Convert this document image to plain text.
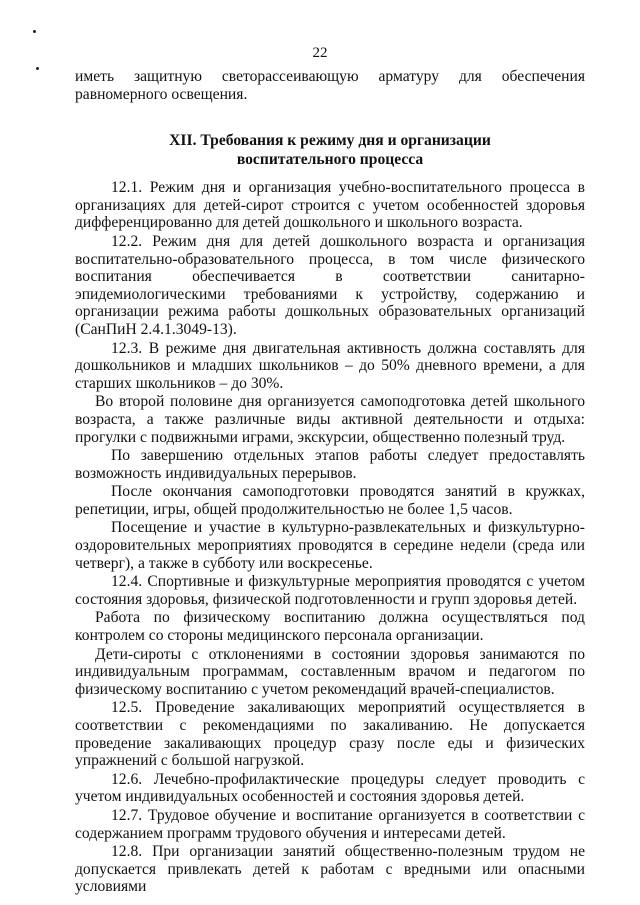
22

иметь защитную светорассеивающую арматуру для обеспечения равномерного освещения.

XII. Требования к режиму дня и организации
воспитательного процесса

12.1. Режим дня и организация учебно-воспитательного процесса в организациях для детей-сирот строится с учетом особенностей здоровья дифференцированно для детей дошкольного и школьного возраста.

12.2. Режим дня для детей дошкольного возраста и организация воспитательно-образовательного процесса, в том числе физического воспитания обеспечивается в соответствии санитарно-эпидемиологическими требованиями к устройству, содержанию и организации режима работы дошкольных образовательных организаций (СанПиН 2.4.1.3049-13).

12.3. В режиме дня двигательная активность должна составлять для дошкольников и младших школьников – до 50% дневного времени, а для старших школьников – до 30%.

Во второй половине дня организуется самоподготовка детей школьного возраста, а также различные виды активной деятельности и отдыха: прогулки с подвижными играми, экскурсии, общественно полезный труд.

По завершению отдельных этапов работы следует предоставлять возможность индивидуальных перерывов.

После окончания самоподготовки проводятся занятий в кружках, репетиции, игры, общей продолжительностью не более 1,5 часов.

Посещение и участие в культурно-развлекательных и физкультурно-оздоровительных мероприятиях проводятся в середине недели (среда или четверг), а также в субботу или воскресенье.

12.4. Спортивные и физкультурные мероприятия проводятся с учетом состояния здоровья, физической подготовленности и групп здоровья детей.

Работа по физическому воспитанию должна осуществляться под контролем со стороны медицинского персонала организации.

Дети-сироты с отклонениями в состоянии здоровья занимаются по индивидуальным программам, составленным врачом и педагогом по физическому воспитанию с учетом рекомендаций врачей-специалистов.

12.5. Проведение закаливающих мероприятий осуществляется в соответствии с рекомендациями по закаливанию. Не допускается проведение закаливающих процедур сразу после еды и физических упражнений с большой нагрузкой.

12.6. Лечебно-профилактические процедуры следует проводить с учетом индивидуальных особенностей и состояния здоровья детей.

12.7. Трудовое обучение и воспитание организуется в соответствии с содержанием программ трудового обучения и интересами детей.

12.8. При организации занятий общественно-полезным трудом не допускается привлекать детей к работам с вредными или опасными условиями
